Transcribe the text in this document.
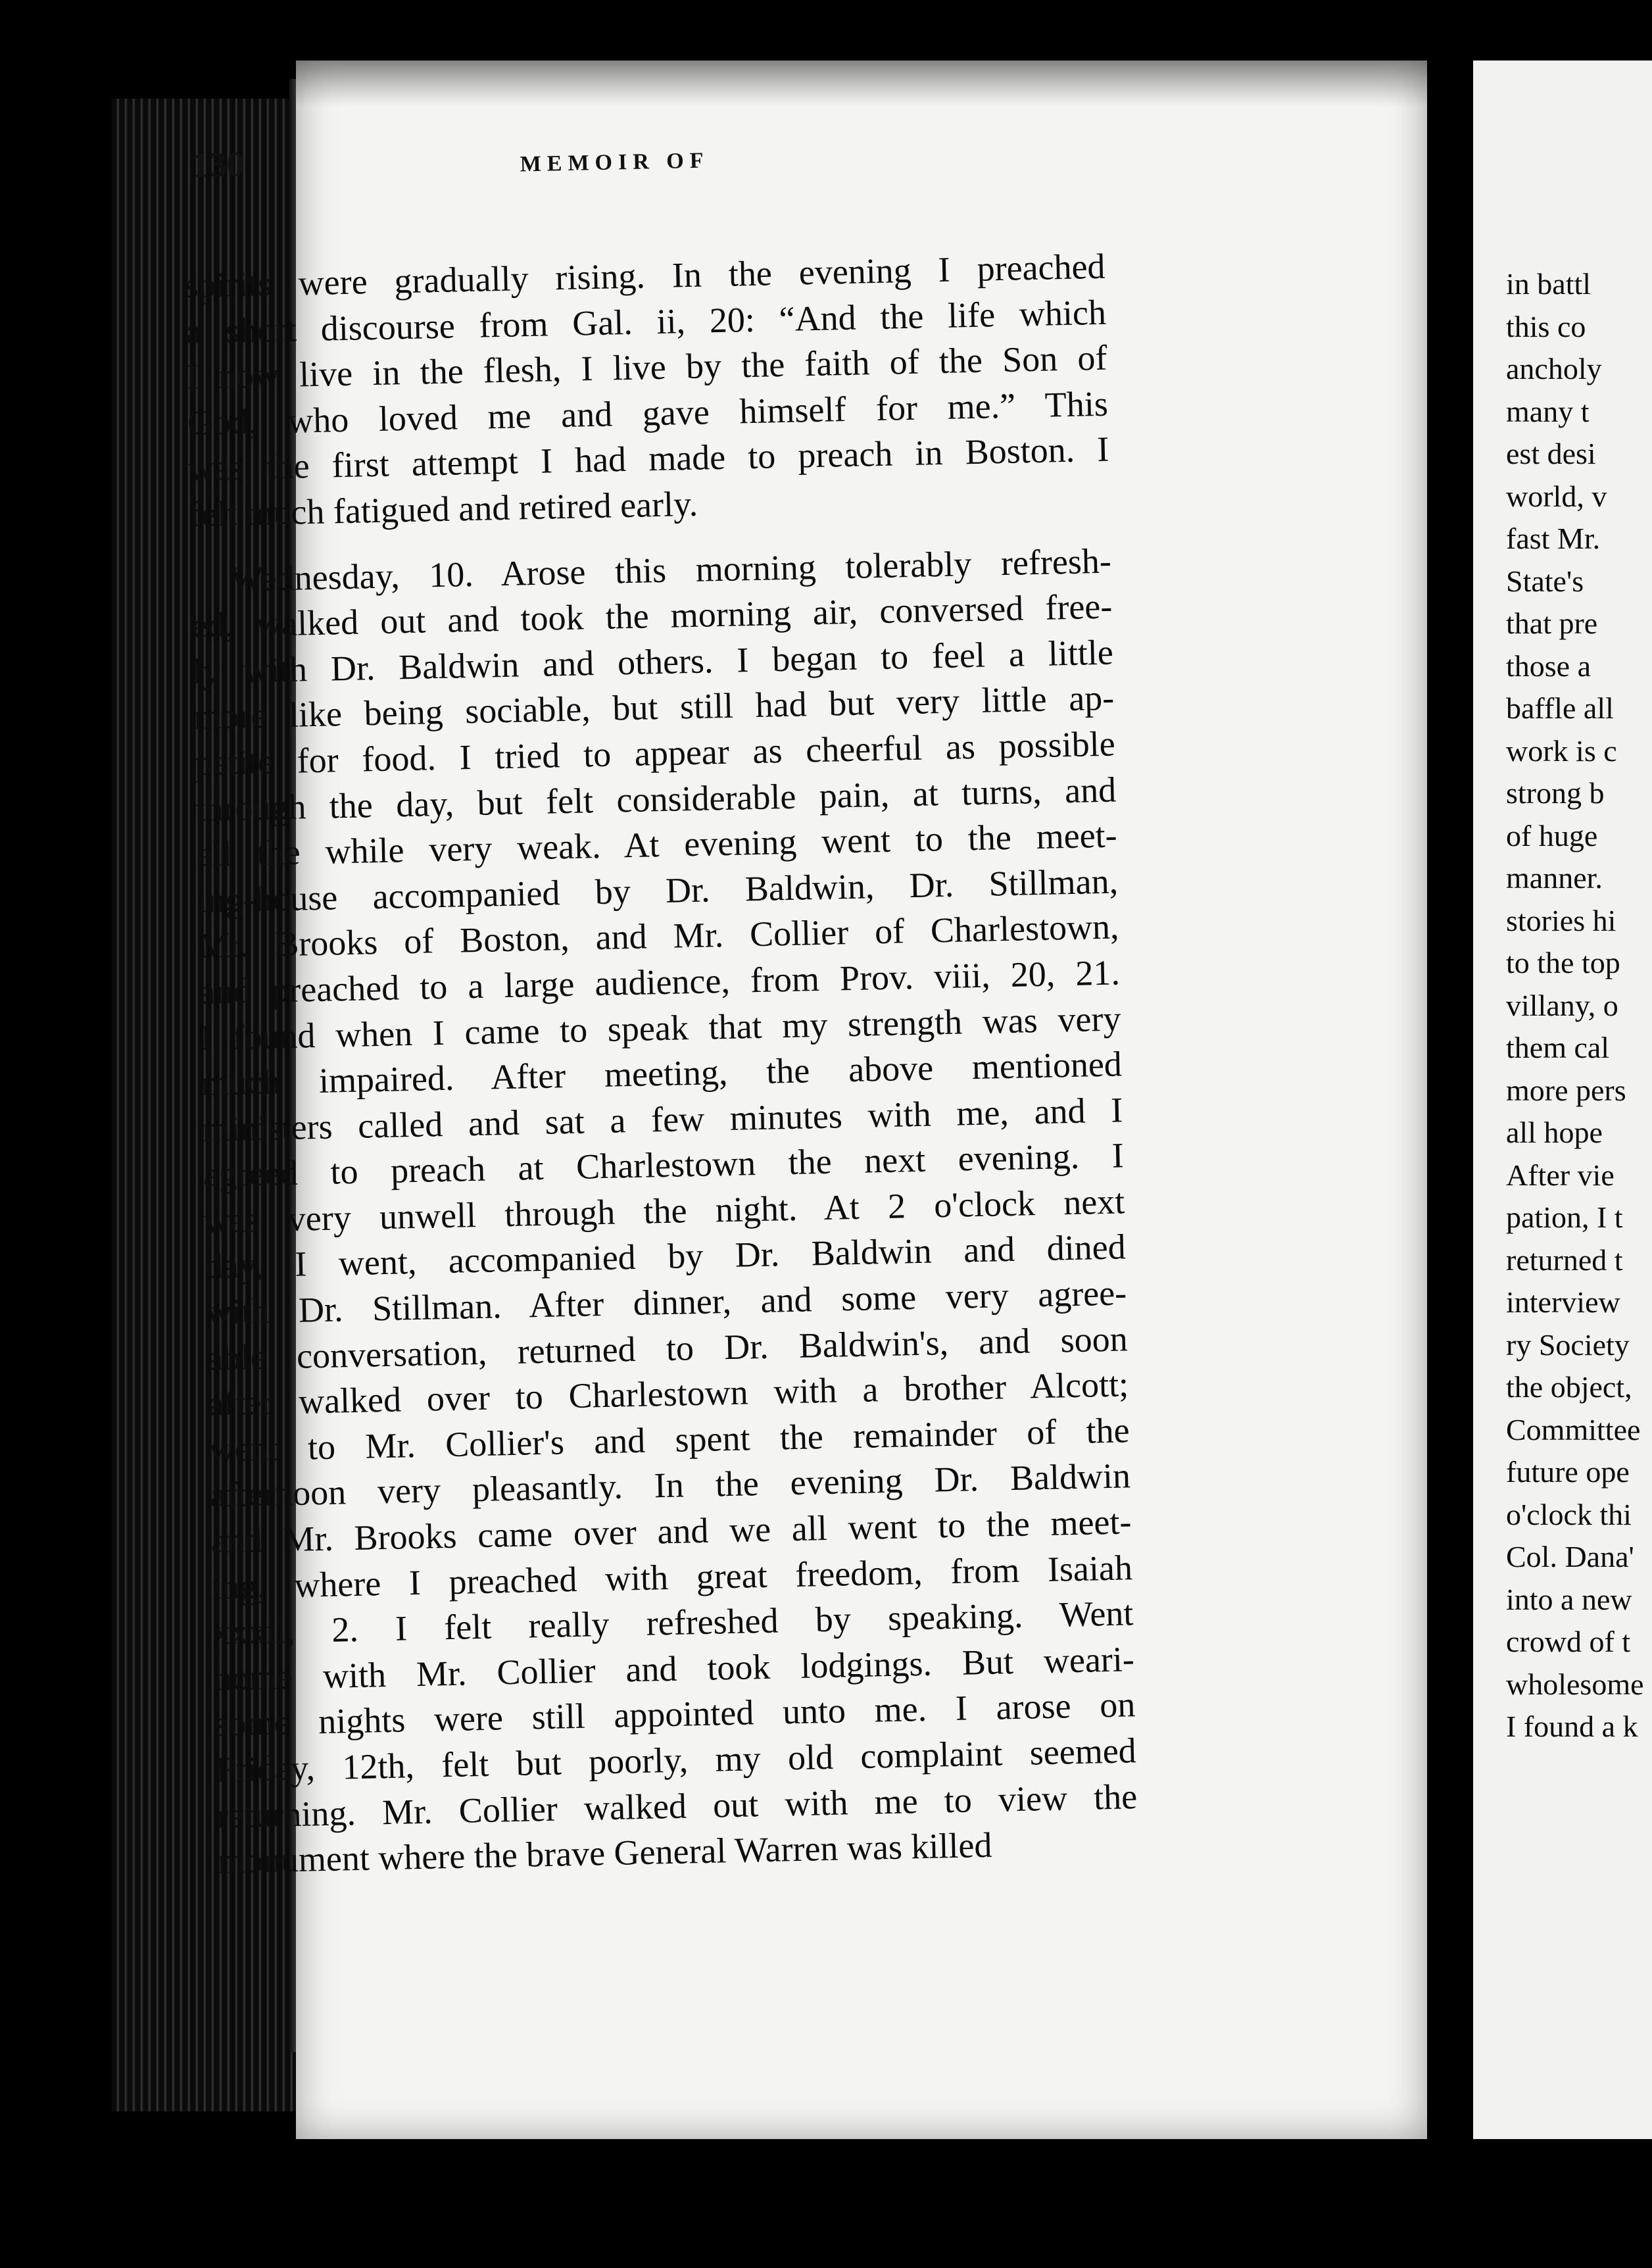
130	MEMOIR OF
spirits were gradually rising. In the evening I preached
a short discourse from Gal. ii, 20: “And the life which
I now live in the flesh, I live by the faith of the Son of
God, who loved me and gave himself for me.” This
was the first attempt I had made to preach in Boston. I
felt much fatigued and retired early.
Wednesday, 10. Arose this morning tolerably refresh-
ed, walked out and took the morning air, conversed free-
ly with Dr. Baldwin and others. I began to feel a little
more like being sociable, but still had but very little ap-
petite for food. I tried to appear as cheerful as possible
through the day, but felt considerable pain, at turns, and
all the while very weak. At evening went to the meet-
ing-house accompanied by Dr. Baldwin, Dr. Stillman,
Mr. Brooks of Boston, and Mr. Collier of Charlestown,
and preached to a large audience, from Prov. viii, 20, 21.
I found when I came to speak that my strength was very
much impaired. After meeting, the above mentioned
ministers called and sat a few minutes with me, and I
agreed to preach at Charlestown the next evening. I
was very unwell through the night. At 2 o'clock next
day, I went, accompanied by Dr. Baldwin and dined
with Dr. Stillman. After dinner, and some very agree-
able conversation, returned to Dr. Baldwin's, and soon
after walked over to Charlestown with a brother Alcott;
went to Mr. Collier's and spent the remainder of the
afternoon very pleasantly. In the evening Dr. Baldwin
and Mr. Brooks came over and we all went to the meet-
ing, where I preached with great freedom, from Isaiah
xxxii, 2. I felt really refreshed by speaking. Went
home with Mr. Collier and took lodgings. But weari-
some nights were still appointed unto me. I arose on
Friday, 12th, felt but poorly, my old complaint seemed
returning. Mr. Collier walked out with me to view the
monument where the brave General Warren was killed
in battl
this co
ancholy
many t
est desi
world, v
fast Mr.
State's
that pre
those a
baffle all
work is c
strong b
of huge
manner.
stories hi
to the top
villany, o
them cal
more pers
all hope
After vie
pation, I t
returned t
interview
ry Society
the object,
Committee
future ope
o'clock thi
Col. Dana'
into a new
crowd of t
wholesome
I found a k
